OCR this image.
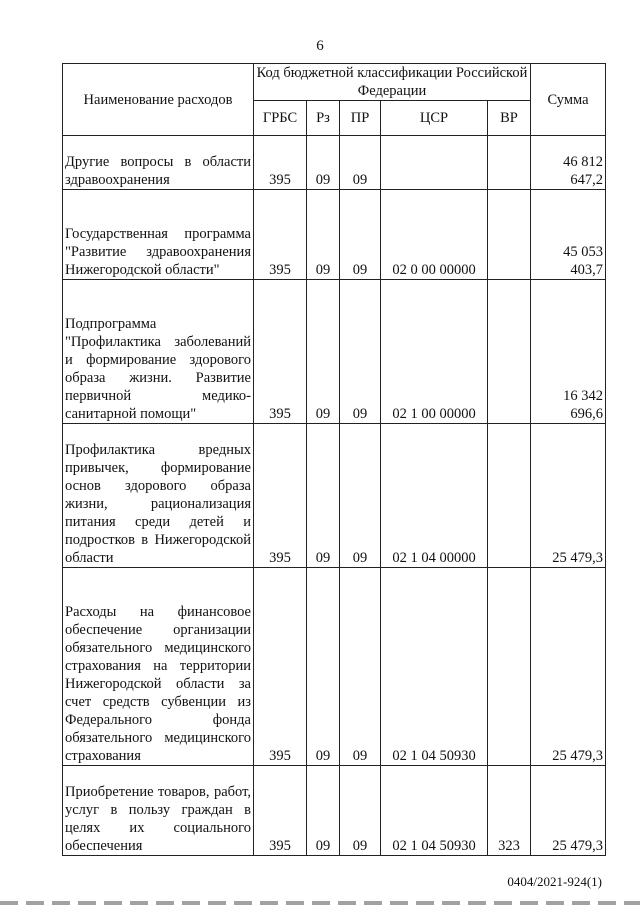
6
Наименование расходов	Код бюджетной классификации Российской Федерации					Сумма
	ГРБС	Рз	ПР	ЦСР	ВР	
Другие вопросы в области здравоохранения	395	09	09			46 812 647,2
Государственная программа "Развитие здравоохранения Нижегородской области"	395	09	09	02 0 00 00000		45 053 403,7
Подпрограмма "Профилактика заболеваний и формирование здорового образа жизни. Развитие первичной медико-санитарной помощи"	395	09	09	02 1 00 00000		16 342 696,6
Профилактика вредных привычек, формирование основ здорового образа жизни, рационализация питания среди детей и подростков в Нижегородской области	395	09	09	02 1 04 00000		25 479,3
Расходы на финансовое обеспечение организации обязательного медицинского страхования на территории Нижегородской области за счет средств субвенции из Федерального фонда обязательного медицинского страхования	395	09	09	02 1 04 50930		25 479,3
Приобретение товаров, работ, услуг в пользу граждан в целях их социального обеспечения	395	09	09	02 1 04 50930	323	25 479,3
0404/2021-924(1)
